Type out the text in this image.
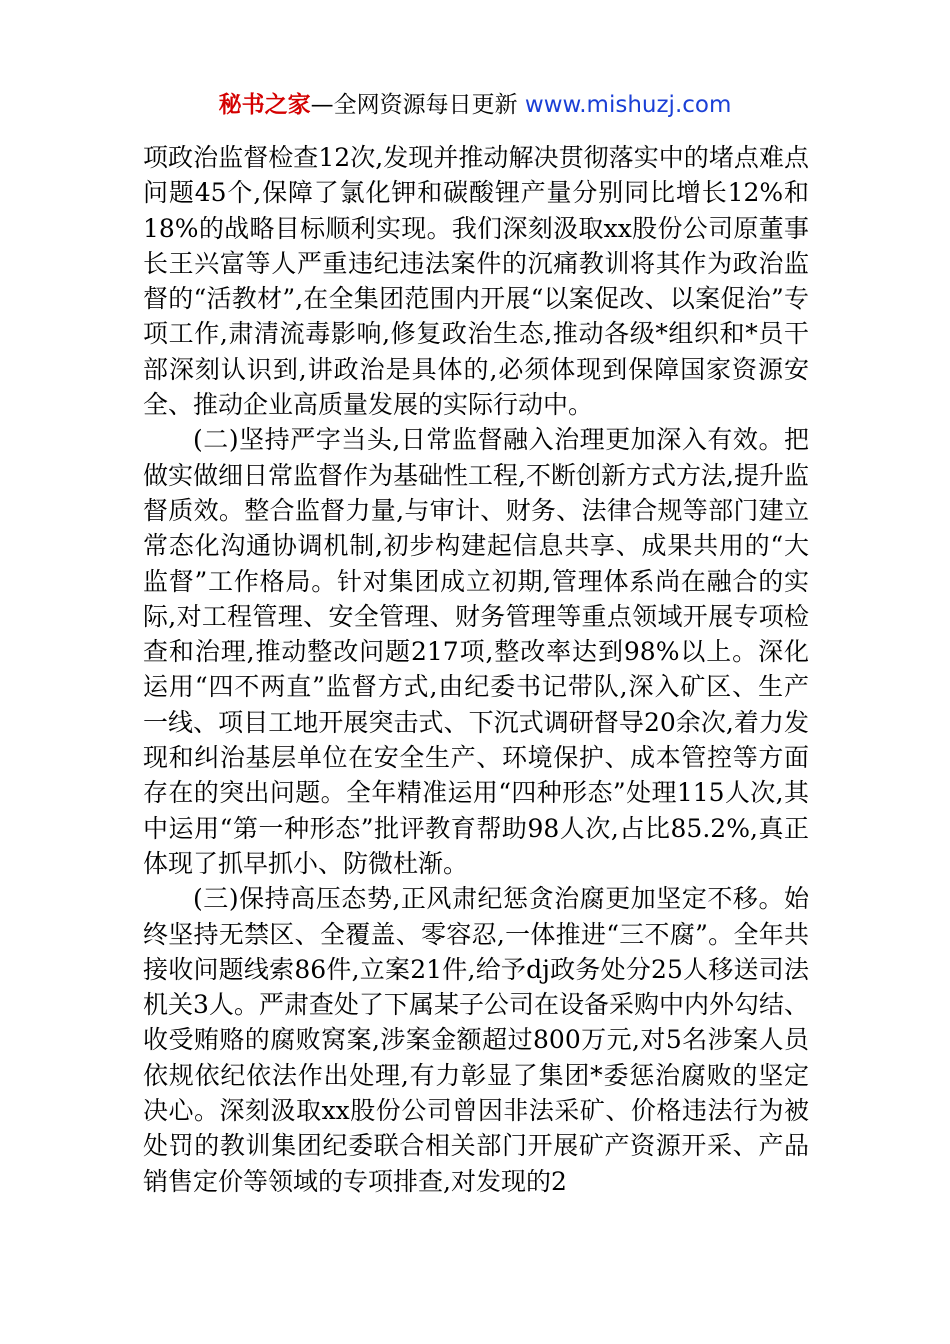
秘书之家—全网资源每日更新 www.mishuzj.com

项政治监督检查12次,发现并推动解决贯彻落实中的堵点难点问题45个,保障了氯化钾和碳酸锂产量分别同比增长12%和18%的战略目标顺利实现。我们深刻汲取xx股份公司原董事长王兴富等人严重违纪违法案件的沉痛教训将其作为政治监督的“活教材”,在全集团范围内开展“以案促改、以案促治”专项工作,肃清流毒影响,修复政治生态,推动各级*组织和*员干部深刻认识到,讲政治是具体的,必须体现到保障国家资源安全、推动企业高质量发展的实际行动中。

(二)坚持严字当头,日常监督融入治理更加深入有效。把做实做细日常监督作为基础性工程,不断创新方式方法,提升监督质效。整合监督力量,与审计、财务、法律合规等部门建立常态化沟通协调机制,初步构建起信息共享、成果共用的“大监督”工作格局。针对集团成立初期,管理体系尚在融合的实际,对工程管理、安全管理、财务管理等重点领域开展专项检查和治理,推动整改问题217项,整改率达到98%以上。深化运用“四不两直”监督方式,由纪委书记带队,深入矿区、生产一线、项目工地开展突击式、下沉式调研督导20余次,着力发现和纠治基层单位在安全生产、环境保护、成本管控等方面存在的突出问题。全年精准运用“四种形态”处理115人次,其中运用“第一种形态”批评教育帮助98人次,占比85.2%,真正体现了抓早抓小、防微杜渐。

(三)保持高压态势,正风肃纪惩贪治腐更加坚定不移。始终坚持无禁区、全覆盖、零容忍,一体推进“三不腐”。全年共接收问题线索86件,立案21件,给予dj政务处分25人移送司法机关3人。严肃查处了下属某子公司在设备采购中内外勾结、收受贿赂的腐败窝案,涉案金额超过800万元,对5名涉案人员依规依纪依法作出处理,有力彰显了集团*委惩治腐败的坚定决心。深刻汲取xx股份公司曾因非法采矿、价格违法行为被处罚的教训集团纪委联合相关部门开展矿产资源开采、产品销售定价等领域的专项排查,对发现的2
